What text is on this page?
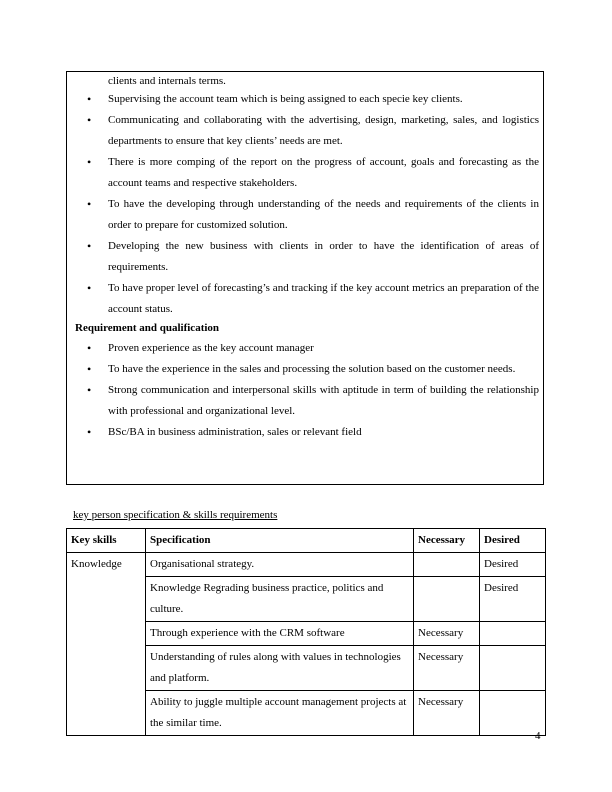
clients and internals terms.

• Supervising the account team which is being assigned to each specie key clients.
• Communicating and collaborating with the advertising, design, marketing, sales, and logistics departments to ensure that key clients’ needs are met.
• There is more comping of the report on the progress of account, goals and forecasting as the account teams and respective stakeholders.
• To have the developing through understanding of the needs and requirements of the clients in order to prepare for customized solution.
• Developing the new business with clients in order to have the identification of areas of requirements.
• To have proper level of forecasting’s and tracking if the key account metrics an preparation of the account status.

Requirement and qualification

• Proven experience as the key account manager
• To have the experience in the sales and processing the solution based on the customer needs.
• Strong communication and interpersonal skills with aptitude in term of building the relationship with professional and organizational level.
• BSc/BA in business administration, sales or relevant field

key person specification & skills requirements

Key skills	Specification	Necessary	Desired
Knowledge	Organisational strategy.		Desired
	Knowledge Regrading business practice, politics and culture.		Desired
	Through experience with the CRM software	Necessary	
	Understanding of rules along with values in technologies and platform.	Necessary	
	Ability to juggle multiple account management projects at the similar time.	Necessary	

4
